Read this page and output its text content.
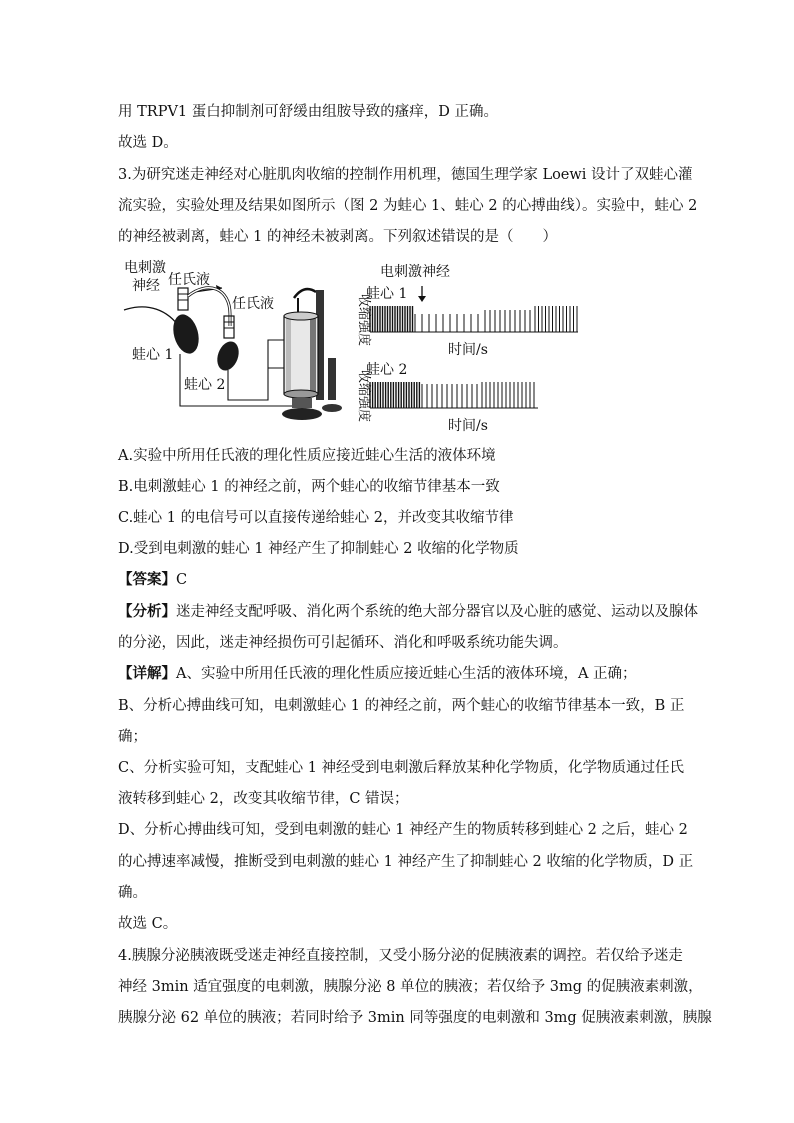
用 TRPV1 蛋白抑制剂可舒缓由组胺导致的瘙痒，D 正确。
故选 D。
3.为研究迷走神经对心脏肌肉收缩的控制作用机理，德国生理学家 Loewi 设计了双蛙心灌
流实验，实验处理及结果如图所示（图 2 为蛙心 1、蛙心 2 的心搏曲线）。实验中，蛙心 2
的神经被剥离，蛙心 1 的神经未被剥离。下列叙述错误的是（　　）
电刺激
神经 任氏液
任氏液
蛙心 1
蛙心 2
电刺激神经
蛙心 1
收缩强度
收缩强度
时间/s
蛙心 2
时间/s
A.实验中所用任氏液的理化性质应接近蛙心生活的液体环境
B.电刺激蛙心 1 的神经之前，两个蛙心的收缩节律基本一致
C.蛙心 1 的电信号可以直接传递给蛙心 2，并改变其收缩节律
D.受到电刺激的蛙心 1 神经产生了抑制蛙心 2 收缩的化学物质
【答案】C
【分析】迷走神经支配呼吸、消化两个系统的绝大部分器官以及心脏的感觉、运动以及腺体
的分泌，因此，迷走神经损伤可引起循环、消化和呼吸系统功能失调。
【详解】A、实验中所用任氏液的理化性质应接近蛙心生活的液体环境，A 正确；
B、分析心搏曲线可知，电刺激蛙心 1 的神经之前，两个蛙心的收缩节律基本一致，B 正
确；
C、分析实验可知，支配蛙心 1 神经受到电刺激后释放某种化学物质，化学物质通过任氏
液转移到蛙心 2，改变其收缩节律，C 错误；
D、分析心搏曲线可知，受到电刺激的蛙心 1 神经产生的物质转移到蛙心 2 之后，蛙心 2
的心搏速率减慢，推断受到电刺激的蛙心 1 神经产生了抑制蛙心 2 收缩的化学物质，D 正
确。
故选 C。
4.胰腺分泌胰液既受迷走神经直接控制，又受小肠分泌的促胰液素的调控。若仅给予迷走
神经 3min 适宜强度的电刺激，胰腺分泌 8 单位的胰液；若仅给予 3mg 的促胰液素刺激，
胰腺分泌 62 单位的胰液；若同时给予 3min 同等强度的电刺激和 3mg 促胰液素刺激，胰腺
